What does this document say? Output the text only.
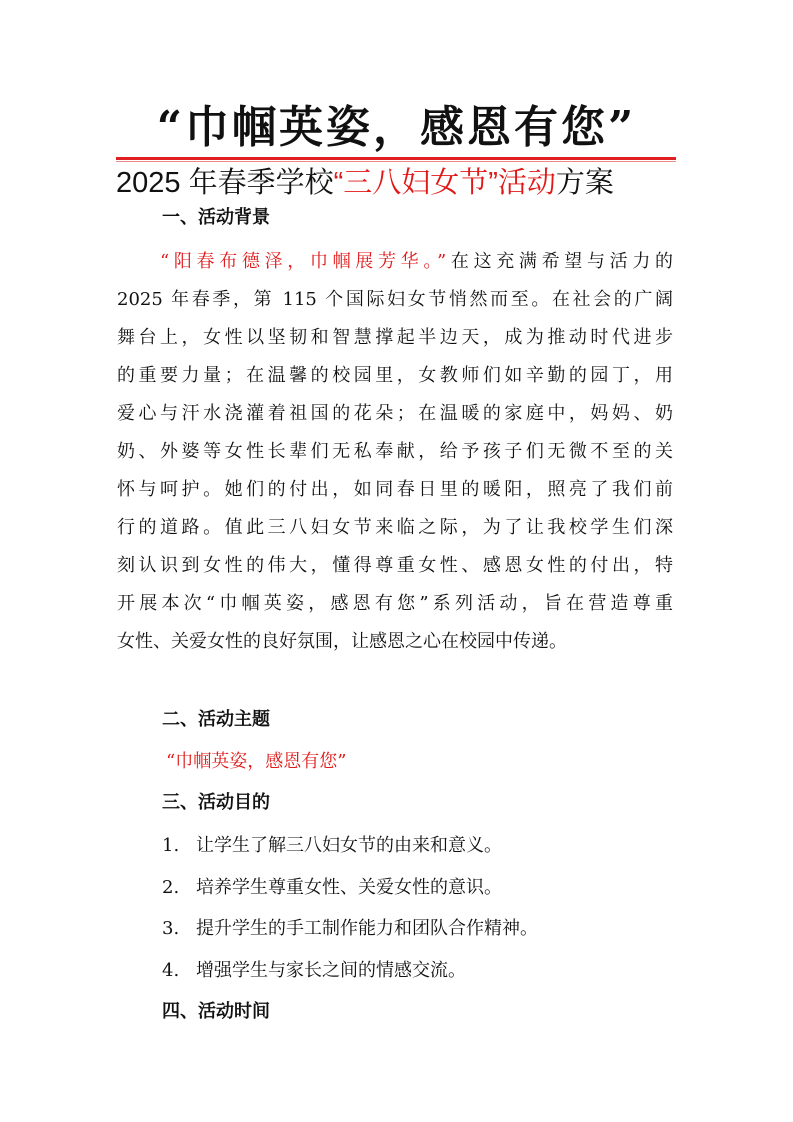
“巾帼英姿，感恩有您”
2025 年春季学校“三八妇女节”活动方案
一、活动背景
“阳春布德泽，巾帼展芳华。”在这充满希望与活力的
2025 年春季，第 115 个国际妇女节悄然而至。在社会的广阔
舞台上，女性以坚韧和智慧撑起半边天，成为推动时代进步
的重要力量；在温馨的校园里，女教师们如辛勤的园丁，用
爱心与汗水浇灌着祖国的花朵；在温暖的家庭中，妈妈、奶
奶、外婆等女性长辈们无私奉献，给予孩子们无微不至的关
怀与呵护。她们的付出，如同春日里的暖阳，照亮了我们前
行的道路。值此三八妇女节来临之际，为了让我校学生们深
刻认识到女性的伟大，懂得尊重女性、感恩女性的付出，特
开展本次“巾帼英姿，感恩有您”系列活动，旨在营造尊重
女性、关爱女性的良好氛围，让感恩之心在校园中传递。
二、活动主题
“巾帼英姿，感恩有您”
三、活动目的
1. 让学生了解三八妇女节的由来和意义。
2. 培养学生尊重女性、关爱女性的意识。
3. 提升学生的手工制作能力和团队合作精神。
4. 增强学生与家长之间的情感交流。
四、活动时间
